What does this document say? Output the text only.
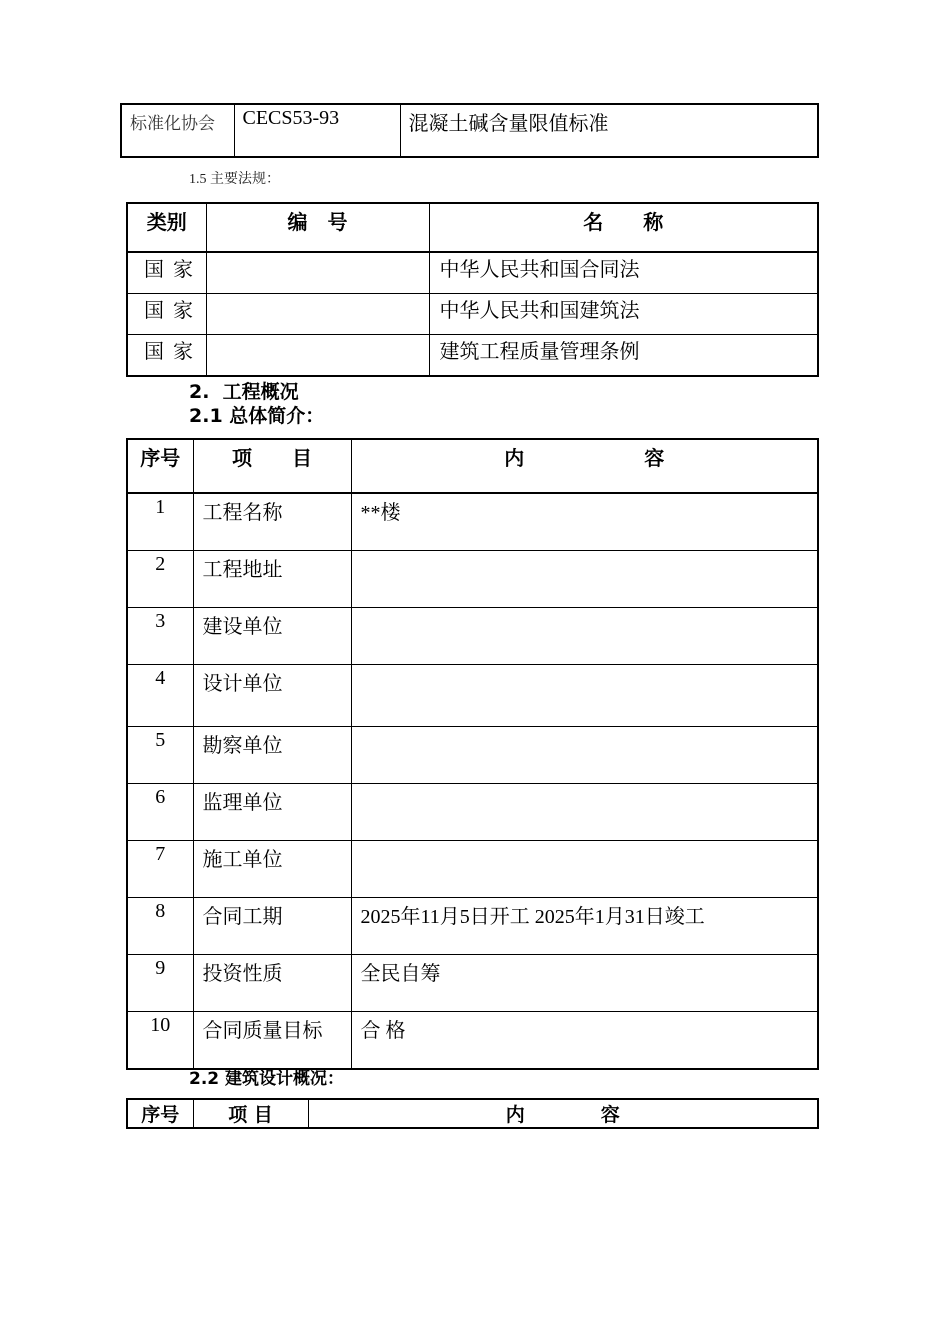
标准化协会	CECS53-93	混凝土碱含量限值标准
1.5 主要法规：
类别	编　号	名　　称
国 家		中华人民共和国合同法
国 家		中华人民共和国建筑法
国 家		建筑工程质量管理条例
2.  工程概况
2.1 总体简介：
序号	项　　目	内　　　　　　容
1	工程名称	**楼
2	工程地址	
3	建设单位	
4	设计单位	
5	勘察单位	
6	监理单位	
7	施工单位	
8	合同工期	2025年11月5日开工 2025年1月31日竣工
9	投资性质	全民自筹
10	合同质量目标	合 格
2.2 建筑设计概况：
序号	项 目	内　　　　容
